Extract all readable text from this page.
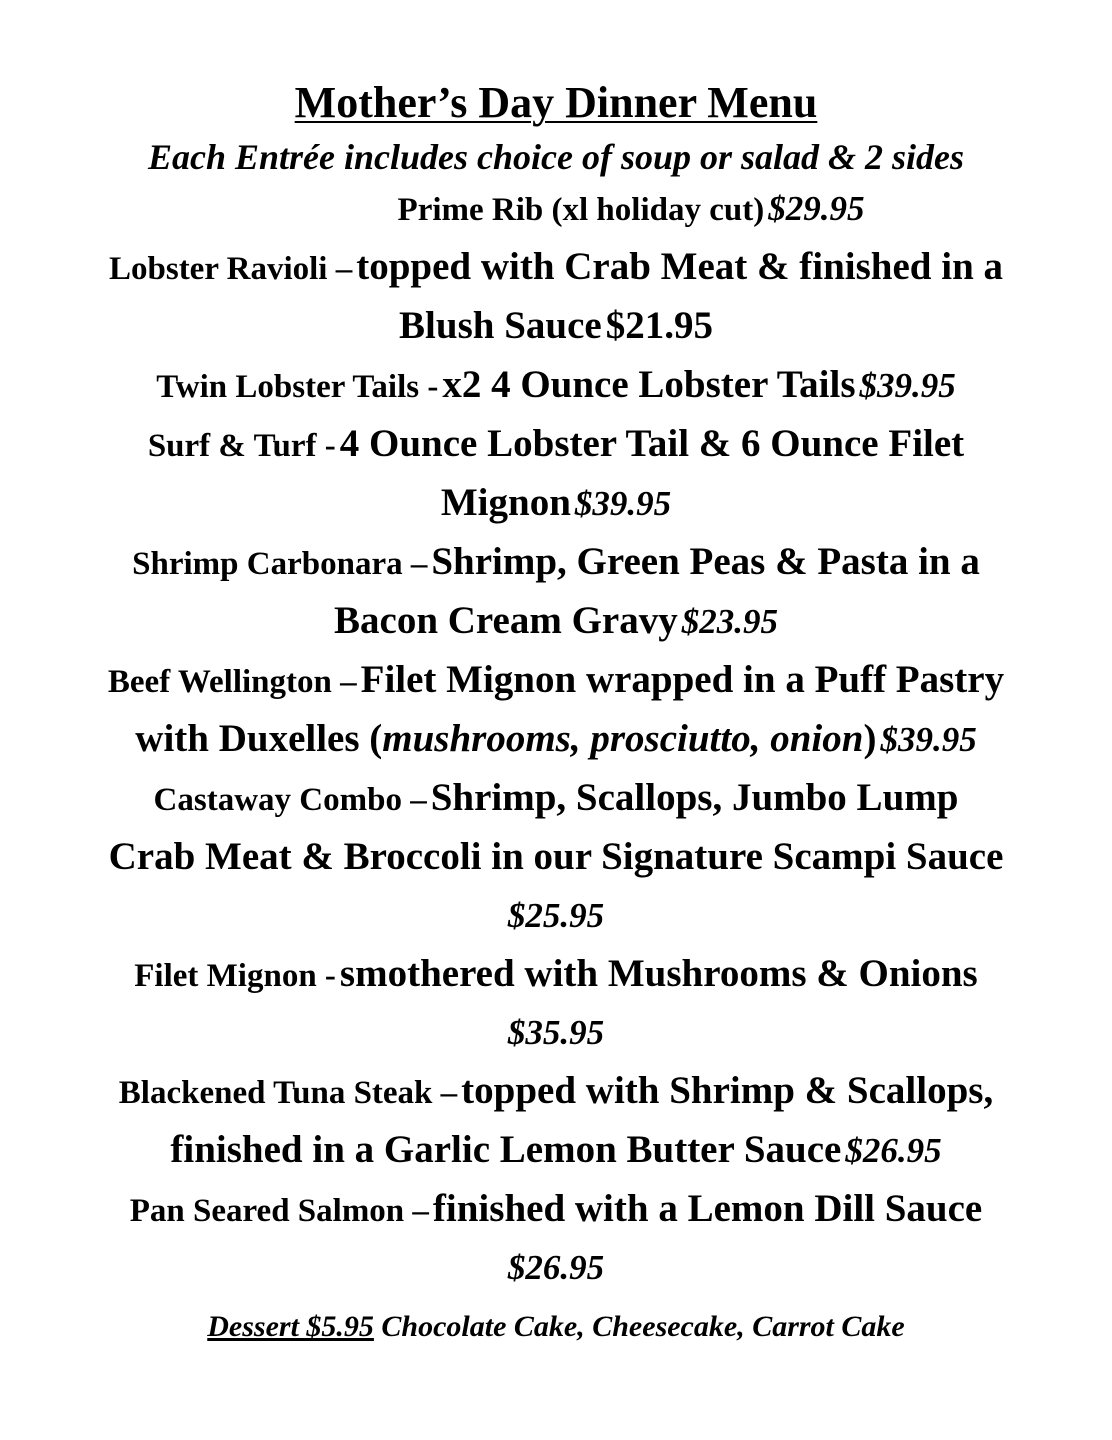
Mother’s Day Dinner Menu
Each Entrée includes choice of soup or salad & 2 sides
Prime Rib (xl holiday cut) $29.95
Lobster Ravioli – topped with Crab Meat & finished in a Blush Sauce $21.95
Twin Lobster Tails - x2 4 Ounce Lobster Tails $39.95
Surf & Turf - 4 Ounce Lobster Tail & 6 Ounce Filet Mignon $39.95
Shrimp Carbonara – Shrimp, Green Peas & Pasta in a Bacon Cream Gravy $23.95
Beef Wellington – Filet Mignon wrapped in a Puff Pastry with Duxelles (mushrooms, prosciutto, onion) $39.95
Castaway Combo – Shrimp, Scallops, Jumbo Lump Crab Meat & Broccoli in our Signature Scampi Sauce $25.95
Filet Mignon - smothered with Mushrooms & Onions $35.95
Blackened Tuna Steak – topped with Shrimp & Scallops, finished in a Garlic Lemon Butter Sauce $26.95
Pan Seared Salmon – finished with a Lemon Dill Sauce $26.95
Dessert $5.95 Chocolate Cake, Cheesecake, Carrot Cake
